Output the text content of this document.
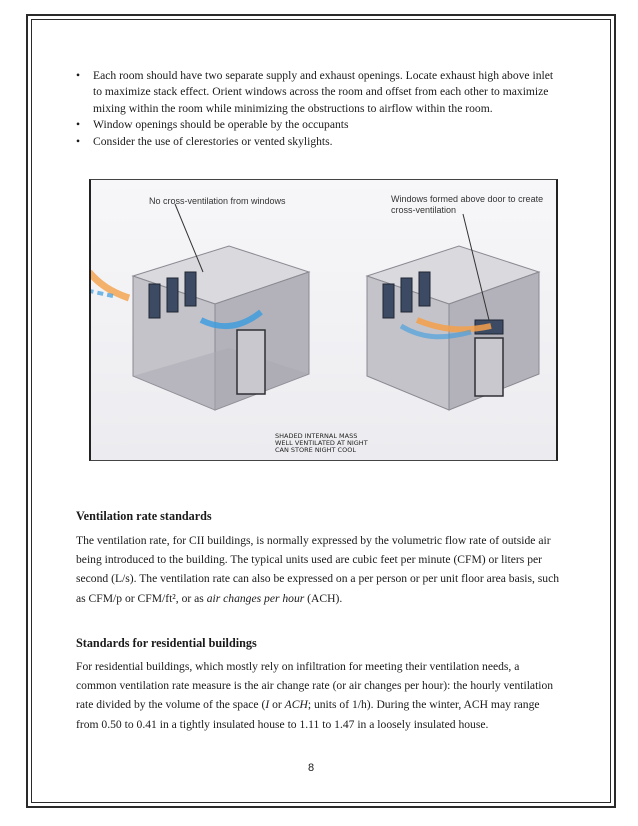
• Each room should have two separate supply and exhaust openings. Locate exhaust high above inlet to maximize stack effect. Orient windows across the room and offset from each other to maximize mixing within the room while minimizing the obstructions to airflow within the room.
• Window openings should be operable by the occupants
• Consider the use of clerestories or vented skylights.
No cross-ventilation from windows	Windows formed above door to create
cross-ventilation
SHADED INTERNAL MASS
WELL VENTILATED AT NIGHT
CAN STORE NIGHT COOL
Ventilation rate standards
The ventilation rate, for CII buildings, is normally expressed by the volumetric flow rate of outside air being introduced to the building. The typical units used are cubic feet per minute (CFM) or liters per second (L/s). The ventilation rate can also be expressed on a per person or per unit floor area basis, such as CFM/p or CFM/ft², or as air changes per hour (ACH).
Standards for residential buildings
For residential buildings, which mostly rely on infiltration for meeting their ventilation needs, a common ventilation rate measure is the air change rate (or air changes per hour): the hourly ventilation rate divided by the volume of the space (I or ACH; units of 1/h). During the winter, ACH may range from 0.50 to 0.41 in a tightly insulated house to 1.11 to 1.47 in a loosely insulated house.
8
